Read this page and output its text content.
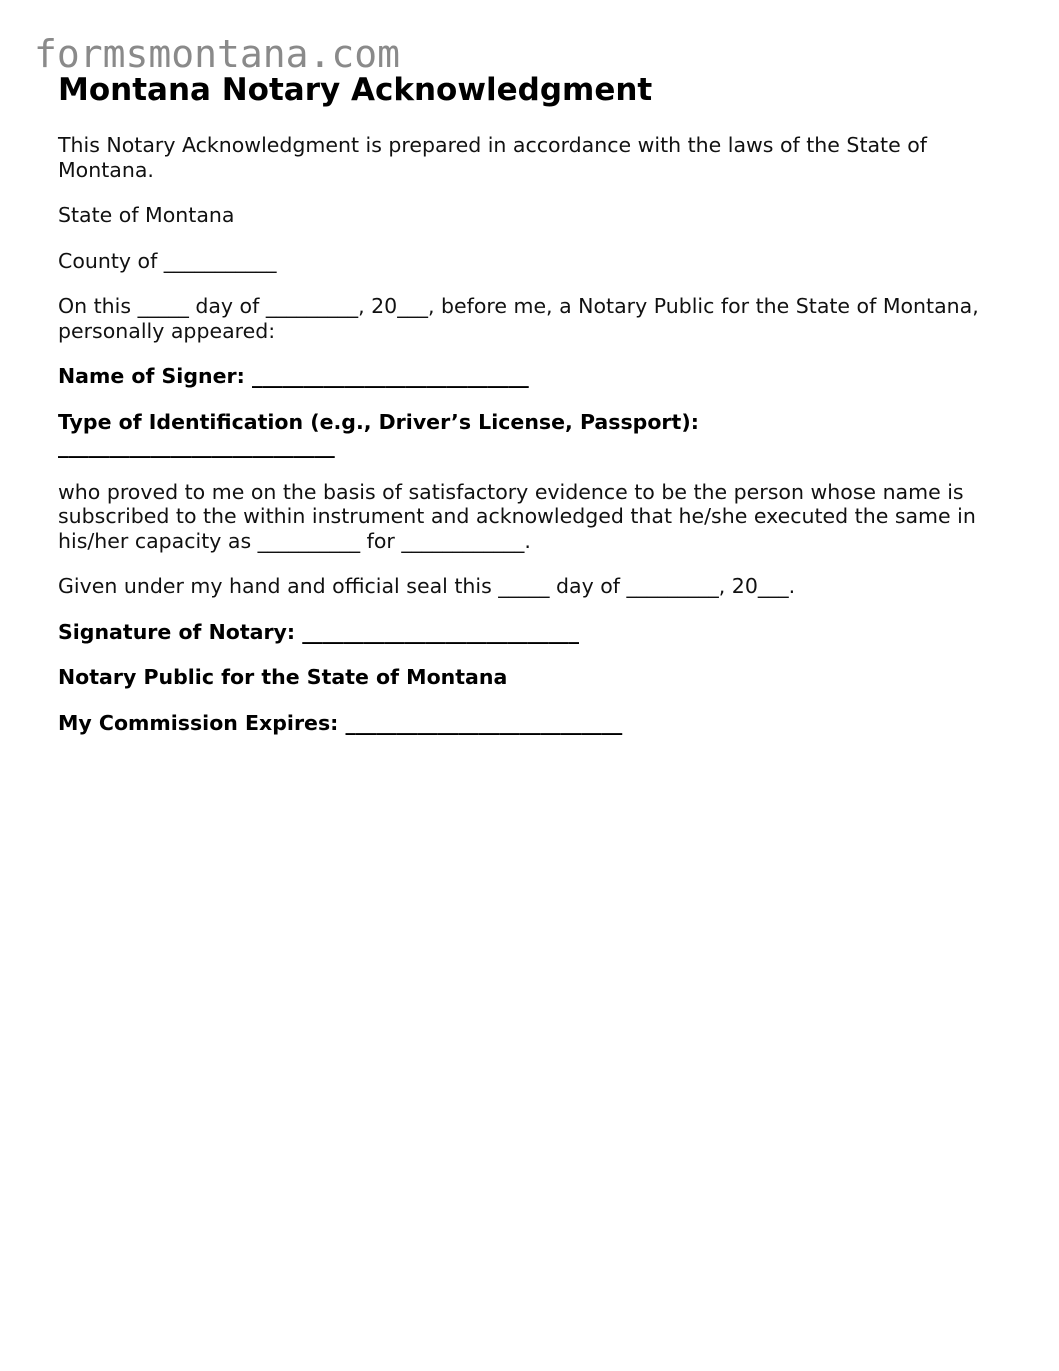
formsmontana.com
Montana Notary Acknowledgment
This Notary Acknowledgment is prepared in accordance with the laws of the State of Montana.
State of Montana
County of ___________
On this _____ day of _________, 20___, before me, a Notary Public for the State of Montana, personally appeared:
Name of Signer: ___________________________
Type of Identification (e.g., Driver’s License, Passport):
___________________________
who proved to me on the basis of satisfactory evidence to be the person whose name is subscribed to the within instrument and acknowledged that he/she executed the same in his/her capacity as __________ for ____________.
Given under my hand and official seal this _____ day of _________, 20___.
Signature of Notary: ___________________________
Notary Public for the State of Montana
My Commission Expires: ___________________________
